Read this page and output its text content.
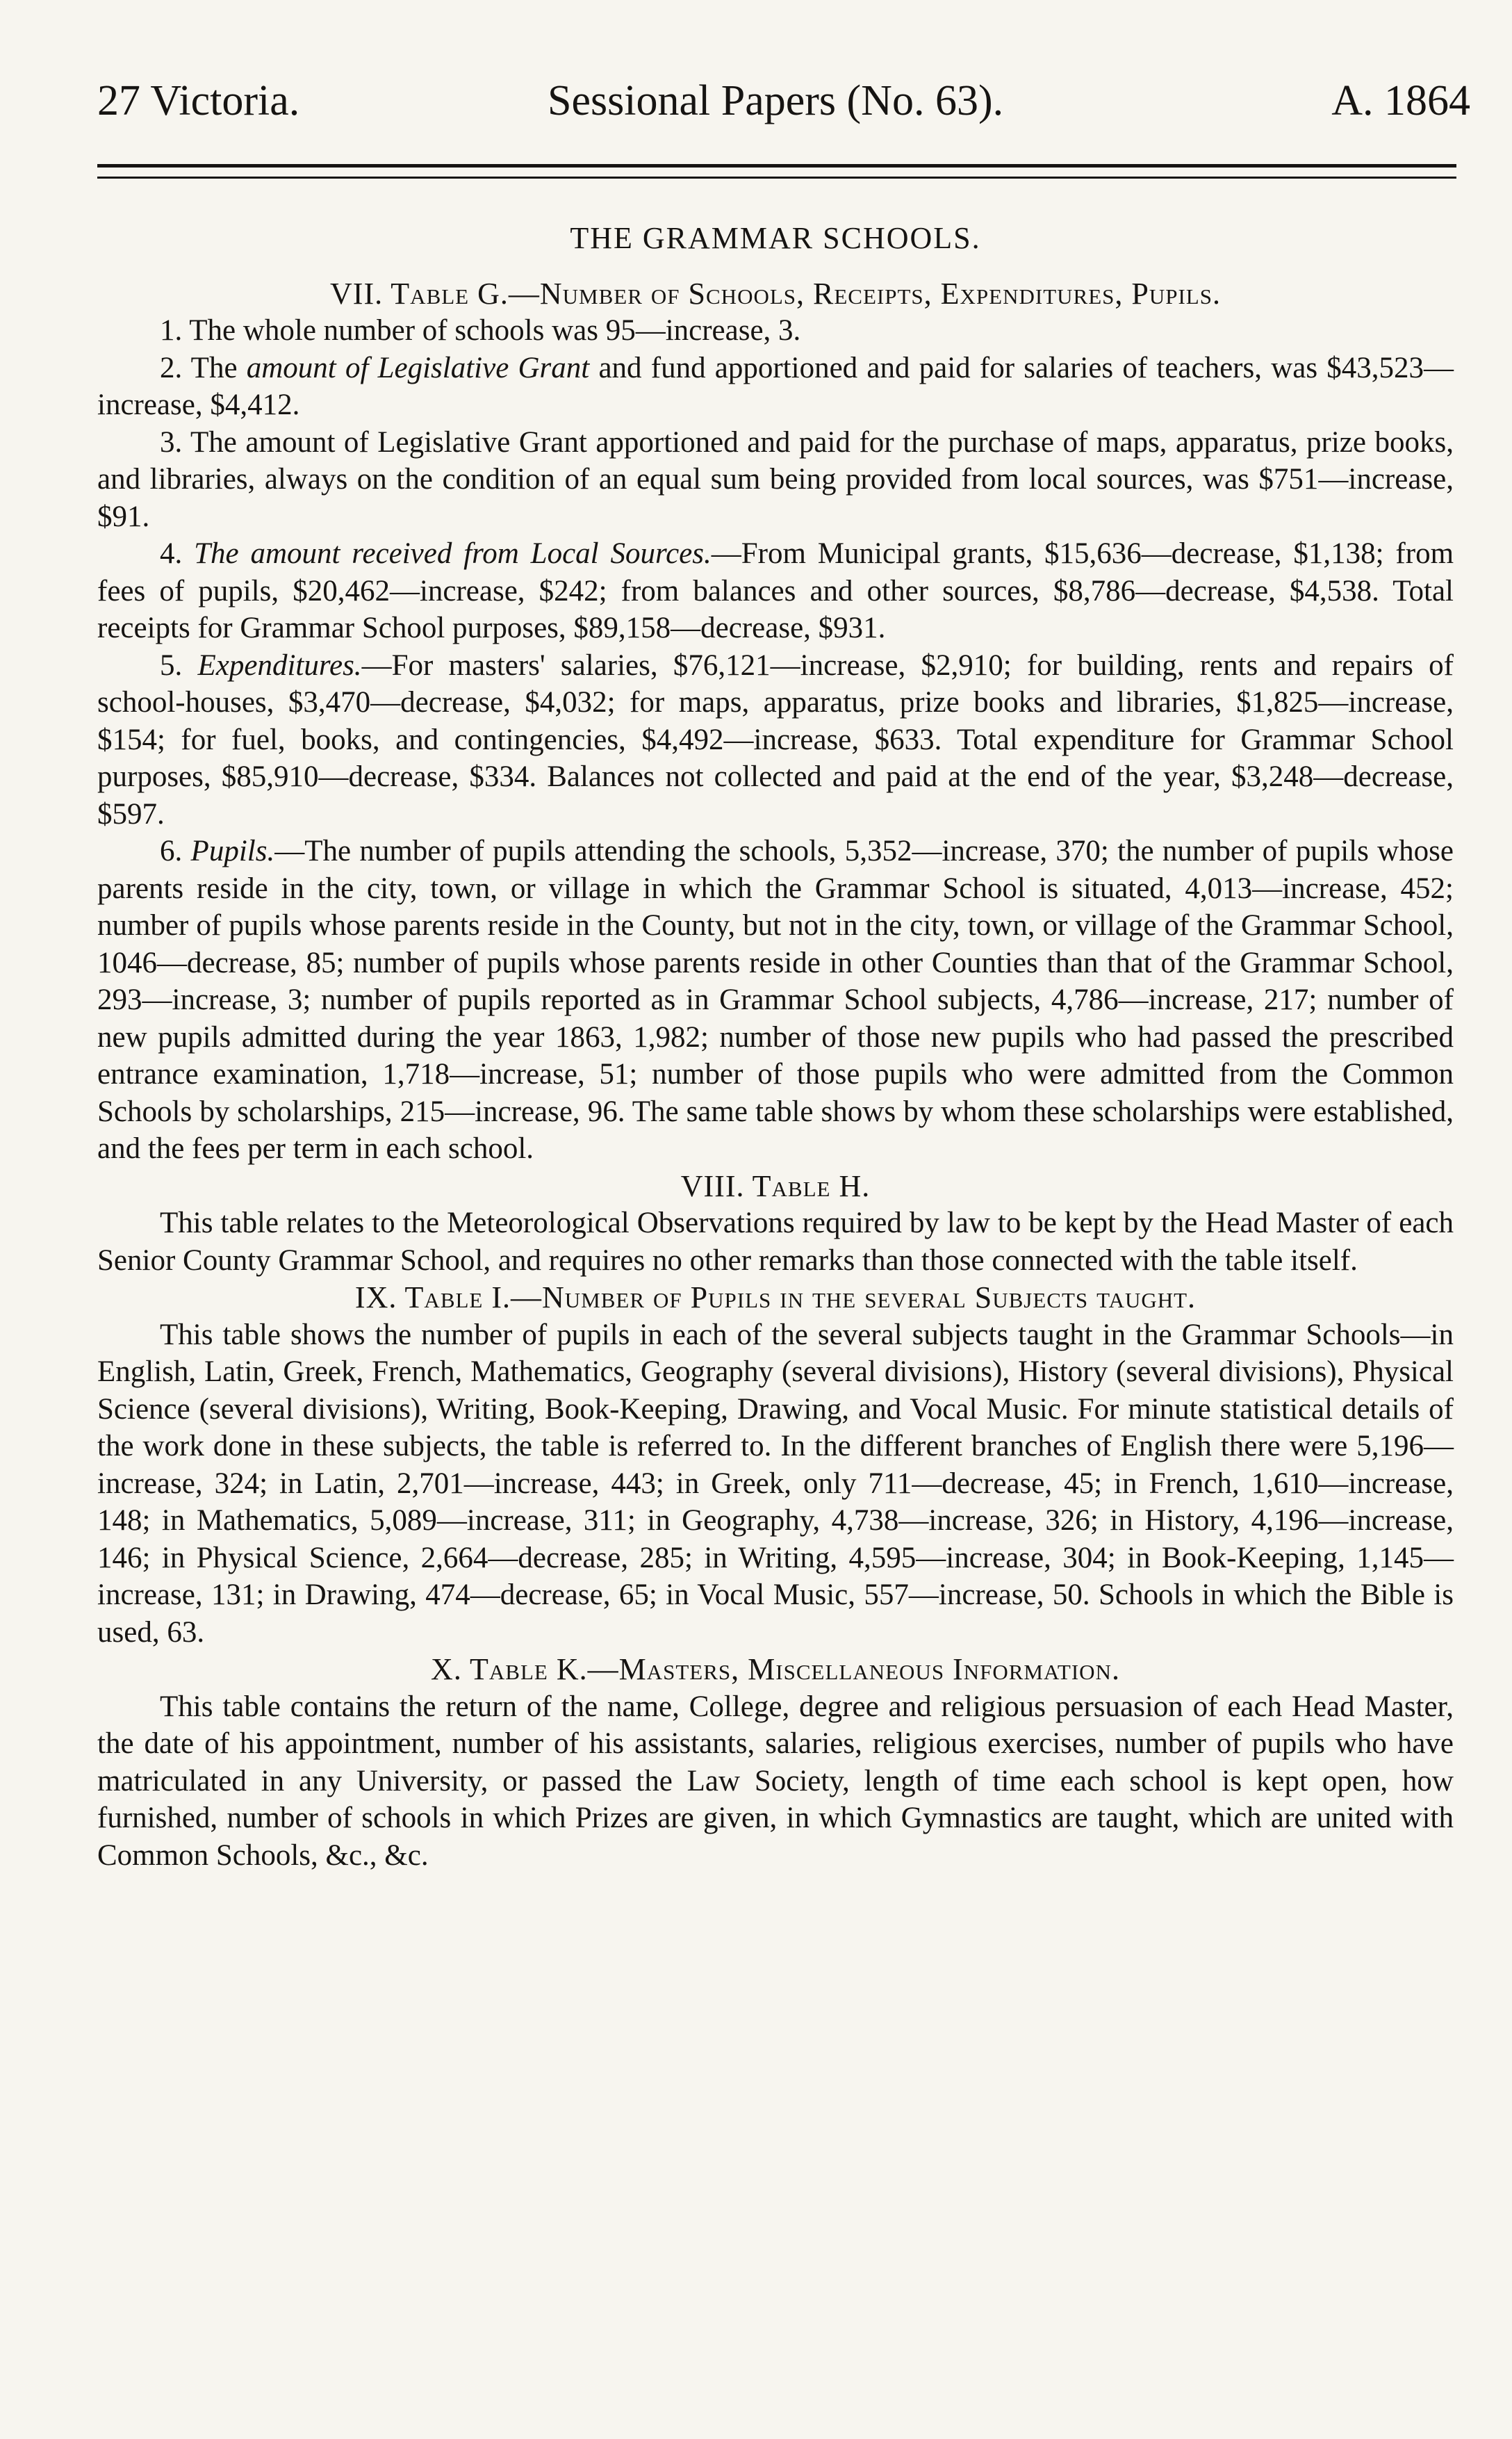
27 Victoria.	Sessional Papers (No. 63).	A. 1864
THE GRAMMAR SCHOOLS.
VII. Table G.—Number of Schools, Receipts, Expenditures, Pupils.

1. The whole number of schools was 95—increase, 3.

2. The amount of Legislative Grant and fund apportioned and paid for salaries of teachers, was $43,523—increase, $4,412.

3. The amount of Legislative Grant apportioned and paid for the purchase of maps, apparatus, prize books, and libraries, always on the condition of an equal sum being provided from local sources, was $751—increase, $91.

4. The amount received from Local Sources.—From Municipal grants, $15,636—decrease, $1,138; from fees of pupils, $20,462—increase, $242; from balances and other sources, $8,786—decrease, $4,538. Total receipts for Grammar School purposes, $89,158—decrease, $931.

5. Expenditures.—For masters' salaries, $76,121—increase, $2,910; for building, rents and repairs of school-houses, $3,470—decrease, $4,032; for maps, apparatus, prize books and libraries, $1,825—increase, $154; for fuel, books, and contingencies, $4,492—increase, $633. Total expenditure for Grammar School purposes, $85,910—decrease, $334. Balances not collected and paid at the end of the year, $3,248—decrease, $597.

6. Pupils.—The number of pupils attending the schools, 5,352—increase, 370; the number of pupils whose parents reside in the city, town, or village in which the Grammar School is situated, 4,013—increase, 452; number of pupils whose parents reside in the County, but not in the city, town, or village of the Grammar School, 1046—decrease, 85; number of pupils whose parents reside in other Counties than that of the Grammar School, 293—increase, 3; number of pupils reported as in Grammar School subjects, 4,786—increase, 217; number of new pupils admitted during the year 1863, 1,982; number of those new pupils who had passed the prescribed entrance examination, 1,718—increase, 51; number of those pupils who were admitted from the Common Schools by scholarships, 215—increase, 96. The same table shows by whom these scholarships were established, and the fees per term in each school.

VIII. Table H.

This table relates to the Meteorological Observations required by law to be kept by the Head Master of each Senior County Grammar School, and requires no other remarks than those connected with the table itself.

IX. Table I.—Number of Pupils in the several Subjects taught.

This table shows the number of pupils in each of the several subjects taught in the Grammar Schools—in English, Latin, Greek, French, Mathematics, Geography (several divisions), History (several divisions), Physical Science (several divisions), Writing, Book-Keeping, Drawing, and Vocal Music. For minute statistical details of the work done in these subjects, the table is referred to. In the different branches of English there were 5,196—increase, 324; in Latin, 2,701—increase, 443; in Greek, only 711—decrease, 45; in French, 1,610—increase, 148; in Mathematics, 5,089—increase, 311; in Geography, 4,738—increase, 326; in History, 4,196—increase, 146; in Physical Science, 2,664—decrease, 285; in Writing, 4,595—increase, 304; in Book-Keeping, 1,145—increase, 131; in Drawing, 474—decrease, 65; in Vocal Music, 557—increase, 50. Schools in which the Bible is used, 63.

X. Table K.—Masters, Miscellaneous Information.

This table contains the return of the name, College, degree and religious persuasion of each Head Master, the date of his appointment, number of his assistants, salaries, religious exercises, number of pupils who have matriculated in any University, or passed the Law Society, length of time each school is kept open, how furnished, number of schools in which Prizes are given, in which Gymnastics are taught, which are united with Common Schools, &c., &c.
